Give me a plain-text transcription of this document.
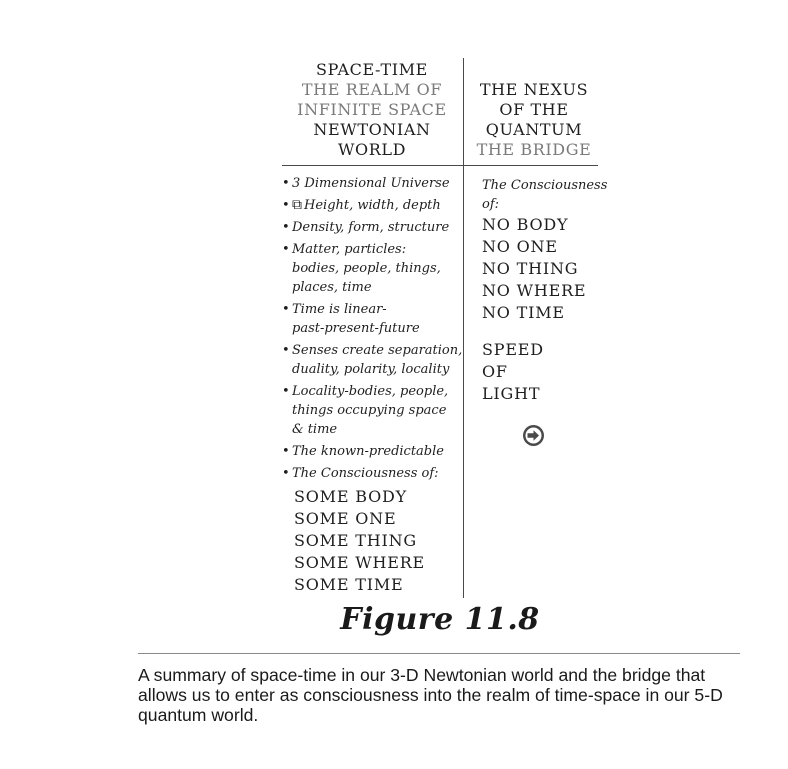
SPACE-TIME
THE REALM OF
INFINITE SPACE
NEWTONIAN
WORLD
THE NEXUS
OF THE
QUANTUM
THE BRIDGE
• 3 Dimensional Universe
• ⧉ Height, width, depth
• Density, form, structure
• Matter, particles:
bodies, people, things,
places, time
• Time is linear-
past-present-future
• Senses create separation,
duality, polarity, locality
• Locality-bodies, people,
things occupying space
& time
• The known-predictable
• The Consciousness of:
SOME BODY
SOME ONE
SOME THING
SOME WHERE
SOME TIME
The Consciousness
of:
NO BODY
NO ONE
NO THING
NO WHERE
NO TIME
SPEED
OF
LIGHT
Figure 11.8
A summary of space-time in our 3-D Newtonian world and the bridge that allows us to enter as consciousness into the realm of time-space in our 5-D quantum world.
